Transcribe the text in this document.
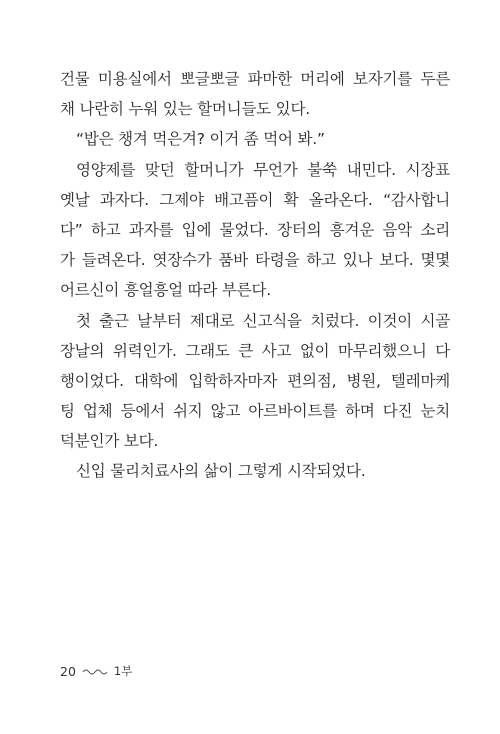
건물 미용실에서 뽀글뽀글 파마한 머리에 보자기를 두른
채 나란히 누워 있는 할머니들도 있다.
“밥은 챙겨 먹은겨? 이거 좀 먹어 봐.”
영양제를 맞던 할머니가 무언가 불쑥 내민다. 시장표
옛날 과자다. 그제야 배고픔이 확 올라온다. “감사합니
다” 하고 과자를 입에 물었다. 장터의 흥겨운 음악 소리
가 들려온다. 엿장수가 품바 타령을 하고 있나 보다. 몇몇
어르신이 흥얼흥얼 따라 부른다.
첫 출근 날부터 제대로 신고식을 치렀다. 이것이 시골
장날의 위력인가. 그래도 큰 사고 없이 마무리했으니 다
행이었다. 대학에 입학하자마자 편의점, 병원, 텔레마케
팅 업체 등에서 쉬지 않고 아르바이트를 하며 다진 눈치
덕분인가 보다.
신입 물리치료사의 삶이 그렇게 시작되었다.
20	1부
